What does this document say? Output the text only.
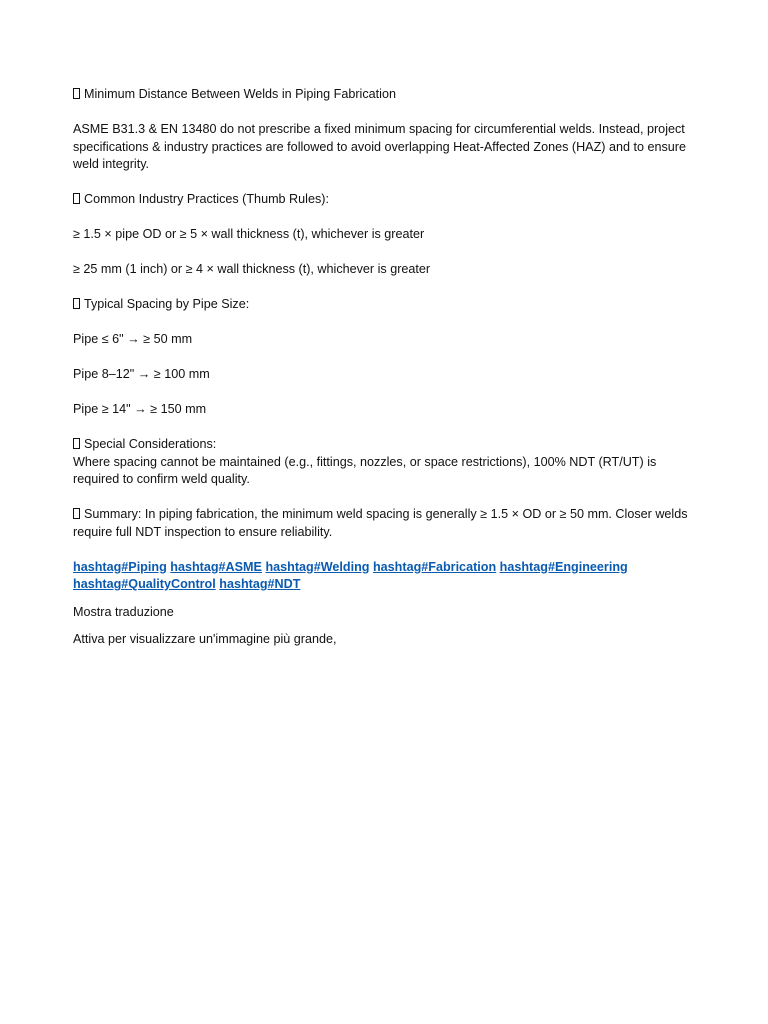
Minimum Distance Between Welds in Piping Fabrication

ASME B31.3 & EN 13480 do not prescribe a fixed minimum spacing for circumferential welds. Instead, project specifications & industry practices are followed to avoid overlapping Heat-Affected Zones (HAZ) and to ensure weld integrity.

Common Industry Practices (Thumb Rules):

≥ 1.5 × pipe OD or ≥ 5 × wall thickness (t), whichever is greater

≥ 25 mm (1 inch) or ≥ 4 × wall thickness (t), whichever is greater

Typical Spacing by Pipe Size:

Pipe ≤ 6" → ≥ 50 mm

Pipe 8–12" → ≥ 100 mm

Pipe ≥ 14" → ≥ 150 mm

Special Considerations:

Where spacing cannot be maintained (e.g., fittings, nozzles, or space restrictions), 100% NDT (RT/UT) is required to confirm weld quality.

Summary: In piping fabrication, the minimum weld spacing is generally ≥ 1.5 × OD or ≥ 50 mm. Closer welds require full NDT inspection to ensure reliability.

hashtag#Piping hashtag#ASME hashtag#Welding hashtag#Fabrication hashtag#Engineering hashtag#QualityControl hashtag#NDT

Mostra traduzione

Attiva per visualizzare un'immagine più grande,
